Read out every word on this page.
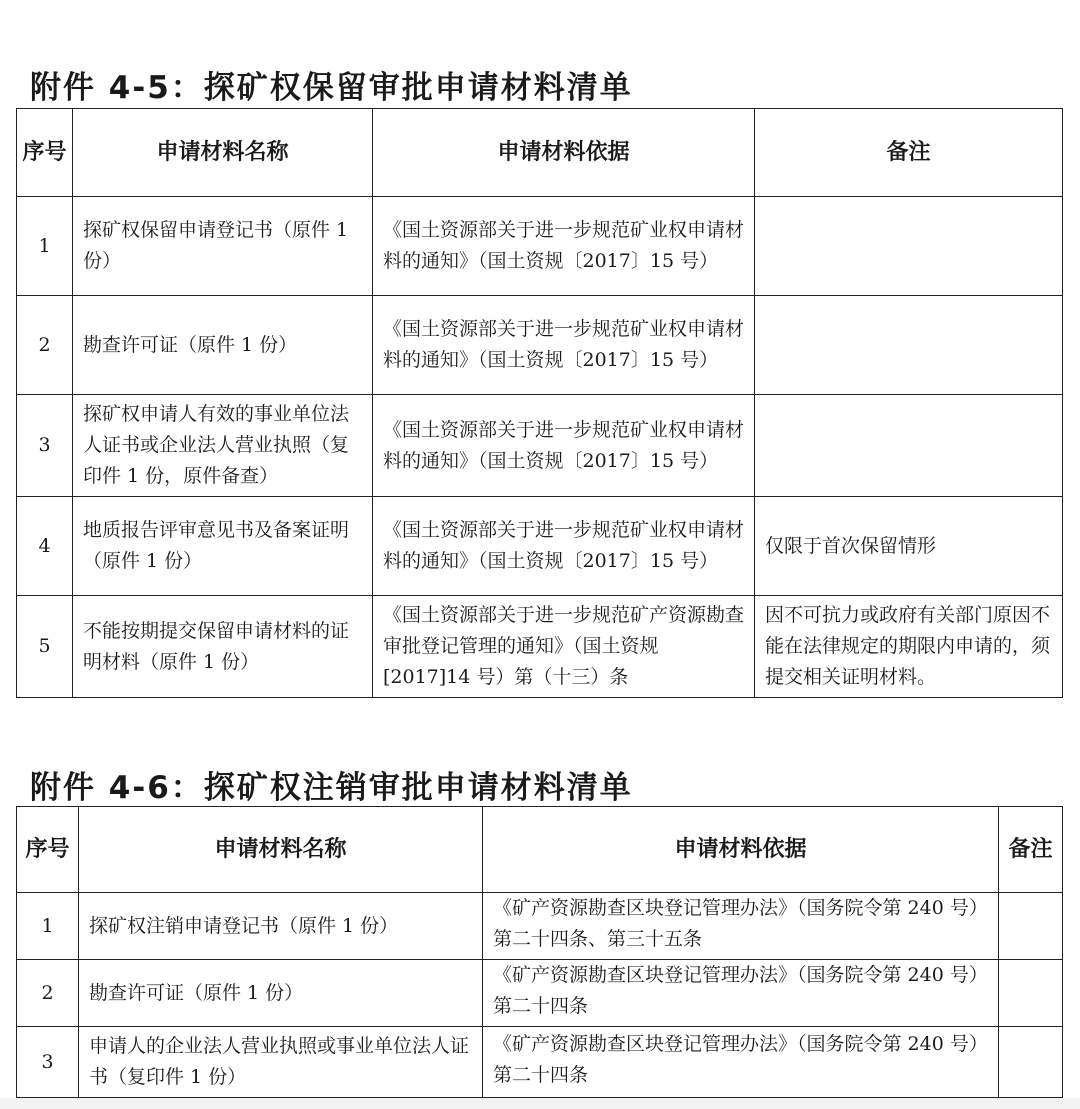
附件 4-5：探矿权保留审批申请材料清单
序号	申请材料名称	申请材料依据	备注
1	探矿权保留申请登记书（原件 1 份）	《国土资源部关于进一步规范矿业权申请材料的通知》（国土资规〔2017〕15 号）	
2	勘查许可证（原件 1 份）	《国土资源部关于进一步规范矿业权申请材料的通知》（国土资规〔2017〕15 号）	
3	探矿权申请人有效的事业单位法人证书或企业法人营业执照（复印件 1 份，原件备查）	《国土资源部关于进一步规范矿业权申请材料的通知》（国土资规〔2017〕15 号）	
4	地质报告评审意见书及备案证明（原件 1 份）	《国土资源部关于进一步规范矿业权申请材料的通知》（国土资规〔2017〕15 号）	仅限于首次保留情形
5	不能按期提交保留申请材料的证明材料（原件 1 份）	《国土资源部关于进一步规范矿产资源勘查审批登记管理的通知》（国土资规[2017]14 号）第（十三）条	因不可抗力或政府有关部门原因不能在法律规定的期限内申请的，须提交相关证明材料。
附件 4-6：探矿权注销审批申请材料清单
序号	申请材料名称	申请材料依据	备注
1	探矿权注销申请登记书（原件 1 份）	《矿产资源勘查区块登记管理办法》（国务院令第 240 号）第二十四条、第三十五条	
2	勘查许可证（原件 1 份）	《矿产资源勘查区块登记管理办法》（国务院令第 240 号）第二十四条	
3	申请人的企业法人营业执照或事业单位法人证书（复印件 1 份）	《矿产资源勘查区块登记管理办法》（国务院令第 240 号）第二十四条	
